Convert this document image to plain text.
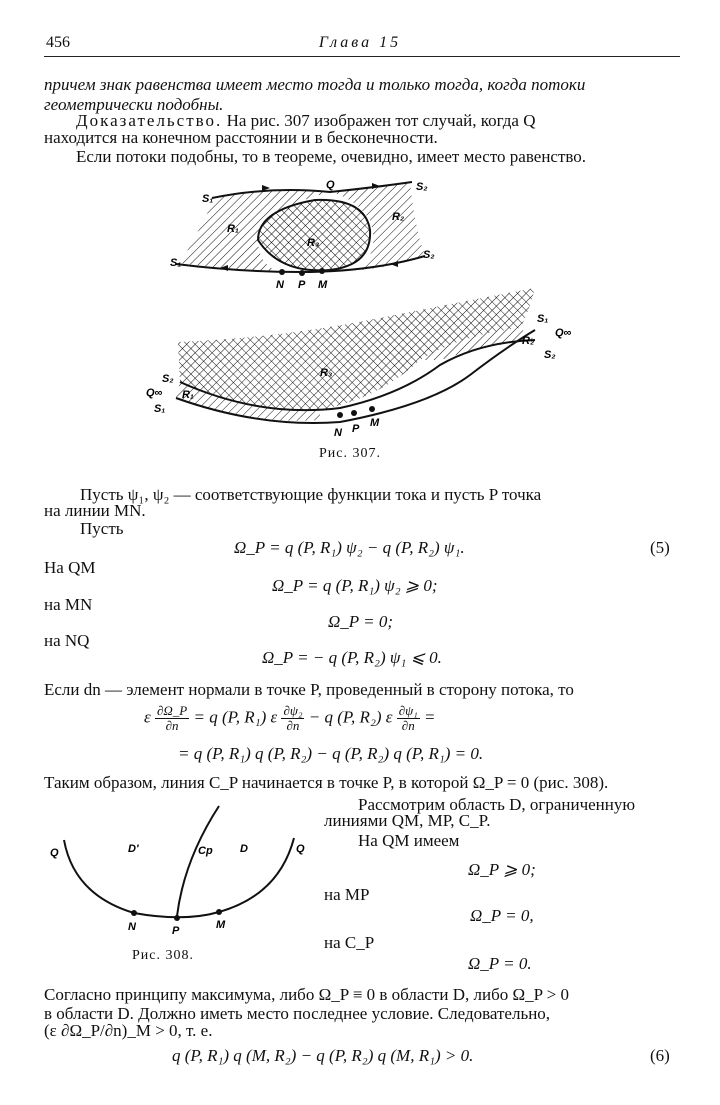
456	Глава 15
причем знак равенства имеет место тогда и только тогда, когда потоки
геометрически подобны.
Доказательство. На рис. 307 изображен тот случай, когда Q
находится на конечном расстоянии и в бесконечности.
Если потоки подобны, то в теореме, очевидно, имеет место равенство.
S₁
Q	S₂
R₁
R₂
R₃
S₁
S₂
N P M
S₁
Q∞
R₂
S₂
R₃
S₂
Q∞ R₁
S₁
N P M
Рис. 307.
Пусть ψ₁, ψ₂ — соответствующие функции тока и пусть P точка
на линии MN.
Пусть
Ω_P = q (P, R₁) ψ₂ − q (P, R₂) ψ₁.	(5)
На QM
Ω_P = q (P, R₁) ψ₂ ⩾ 0;
на MN
Ω_P = 0;
на NQ
Ω_P = − q (P, R₂) ψ₁ ⩽ 0.
Если dn — элемент нормали в точке P, проведенный в сторону потока, то
ε $\frac{\partial\Omega\_P}{\partial n} = q$ (P, R₁) ε $\frac{\text{∂ψ₂}}{\partial n} - q$ (P, R₂) ε $\frac{\text{∂ψ₁}}{\partial n}$ =
= q (P, R₁) q (P, R₂) − q (P, R₂) q (P, R₁) = 0.
Таким образом, линия C_P начинается в точке P, в которой Ω_P = 0 (рис. 308).
Q	D'	Cp D	Q
N	P	M
Рис. 308.
Рассмотрим область D, ограниченную
линиями QM, MP, C_P.
На QM имеем
Ω_P ⩾ 0;
на MP
Ω_P = 0,
на C_P
Ω_P = 0.
Согласно принципу максимума, либо Ω_P ≡ 0 в области D, либо Ω_P > 0
в области D. Должно иметь место последнее условие. Следовательно,
(ε ∂Ω_P/∂n)_M > 0, т. е.
q (P, R₁) q (M, R₂) − q (P, R₂) q (M, R₁) > 0.	(6)
